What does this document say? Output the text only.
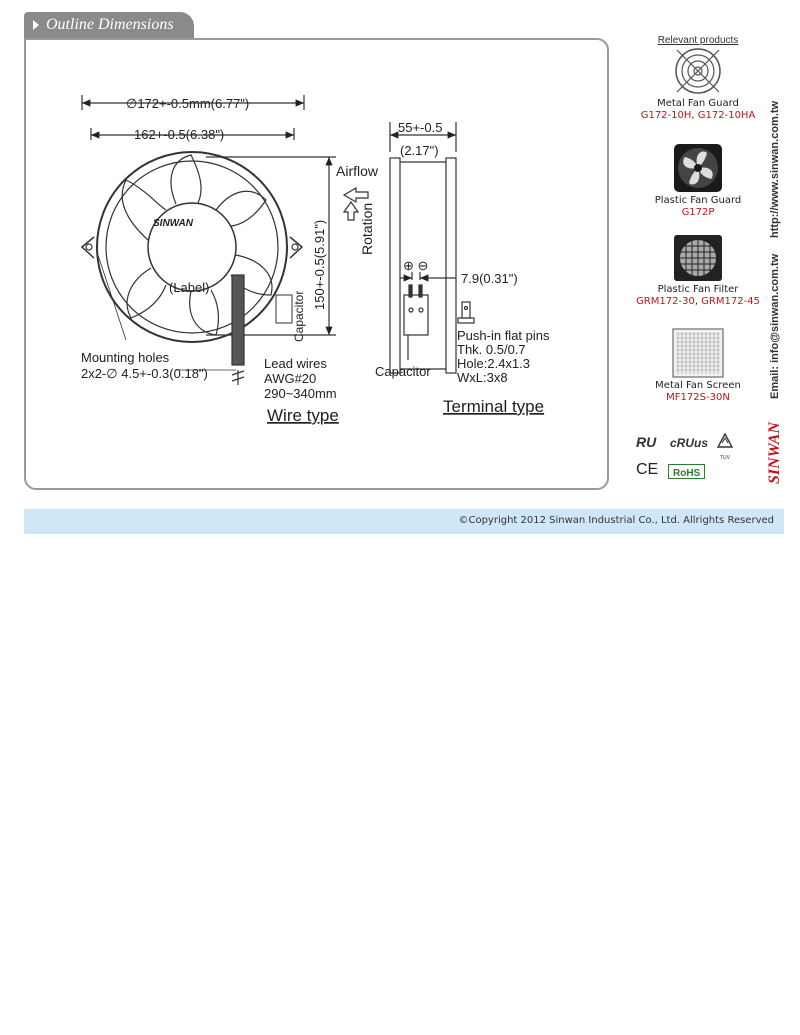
Outline Dimensions
∅172+-0.5mm(6.77")
162+-0.5(6.38")
150+-0.5(5.91")
SINWAN
(Label)
Capacitor
Mounting holes
2x2-∅ 4.5+-0.3(0.18")
Lead wires
AWG#20
290~340mm
Wire type
Airflow
Rotation
55+-0.5
(2.17")
⊕ ⊖
7.9(0.31")
Push-in flat pins
Thk. 0.5/0.7
Hole:2.4x1.3
WxL:3x8
Capacitor
Terminal type
Relevant products
Metal Fan Guard
G172-10H, G172-10HA
Plastic Fan Guard
G172P
Plastic Fan Filter
GRM172-30, GRM172-45
Metal Fan Screen
MF172S-30N
RU cRUus
TUV
CE	RoHS
http://www.sinwan.com.tw
Email: info@sinwan.com.tw
SINWAN
©Copyright 2012 Sinwan Industrial Co., Ltd. Allrights Reserved
